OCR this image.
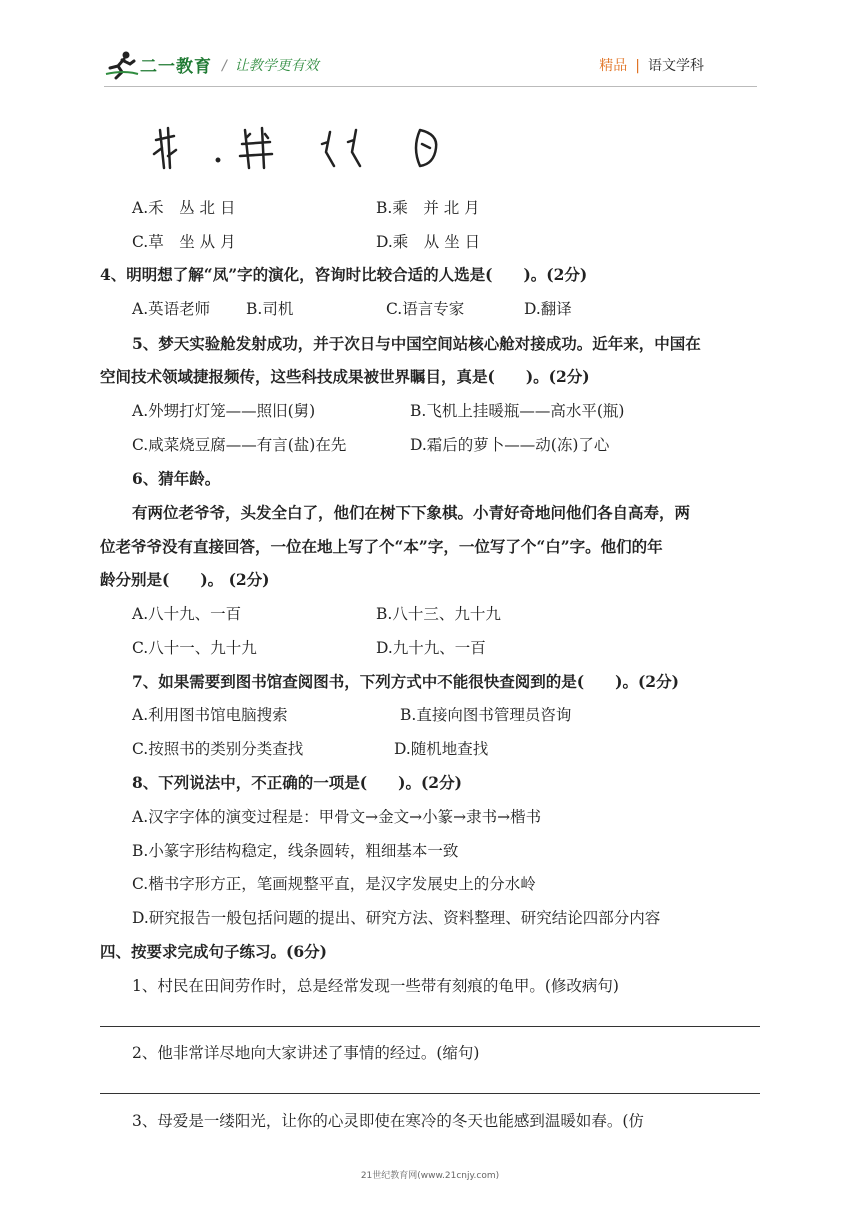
二一教育 / 让教学更有效	精品 | 语文学科
A.禾　丛 北 日	B.乘　并 北 月
C.草　坐 从 月	D.乘　从 坐 日
4、明明想了解“凤”字的演化，咨询时比较合适的人选是(　　)。(2分)
A.英语老师 B.司机	C.语言专家	D.翻译
5、梦天实验舱发射成功，并于次日与中国空间站核心舱对接成功。近年来，中国在
空间技术领域捷报频传，这些科技成果被世界瞩目，真是(　　)。(2分)
A.外甥打灯笼——照旧(舅)	B.飞机上挂暖瓶——高水平(瓶)
C.咸菜烧豆腐——有言(盐)在先	D.霜后的萝卜——动(冻)了心
6、猜年龄。
有两位老爷爷，头发全白了，他们在树下下象棋。小青好奇地问他们各自高寿，两
位老爷爷没有直接回答，一位在地上写了个“本”字，一位写了个“白”字。他们的年
龄分别是(　　)。 (2分)
A.八十九、一百	B.八十三、九十九
C.八十一、九十九	D.九十九、一百
7、如果需要到图书馆查阅图书，下列方式中不能很快查阅到的是(　　)。(2分)
A.利用图书馆电脑搜索	B.直接向图书管理员咨询
C.按照书的类别分类查找	D.随机地查找
8、下列说法中，不正确的一项是(　　)。(2分)
A.汉字字体的演变过程是：甲骨文→金文→小篆→隶书→楷书
B.小篆字形结构稳定，线条圆转，粗细基本一致
C.楷书字形方正，笔画规整平直，是汉字发展史上的分水岭
D.研究报告一般包括问题的提出、研究方法、资料整理、研究结论四部分内容
四、按要求完成句子练习。(6分)
1、村民在田间劳作时，总是经常发现一些带有刻痕的龟甲。(修改病句)
2、他非常详尽地向大家讲述了事情的经过。(缩句)
3、母爱是一缕阳光，让你的心灵即使在寒冷的冬天也能感到温暖如春。(仿
21世纪教育网(www.21cnjy.com)
